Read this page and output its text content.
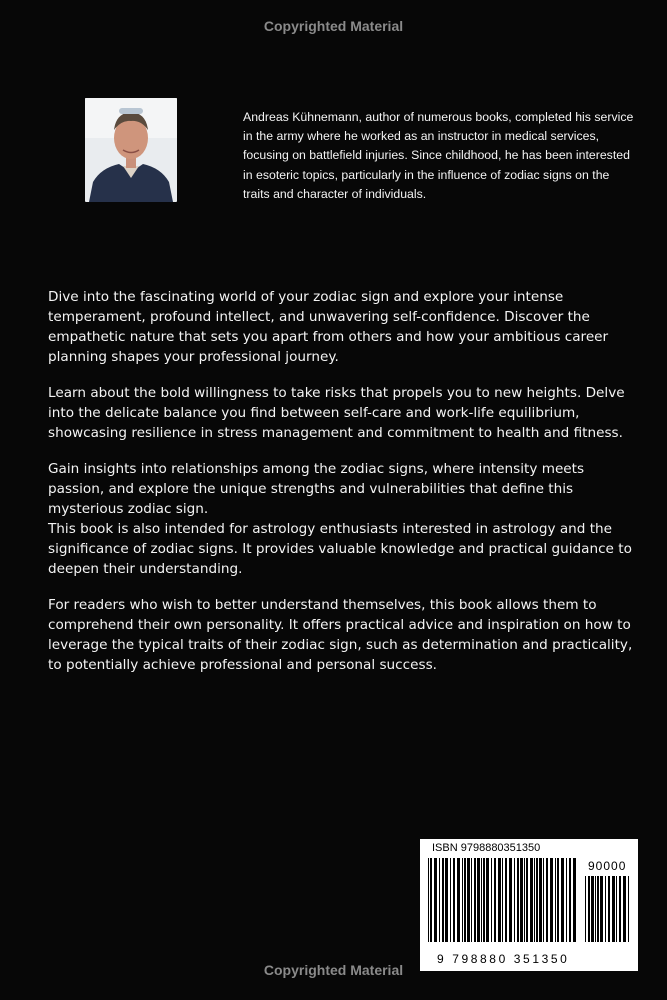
Copyrighted Material

Andreas Kühnemann, author of numerous books, completed his service in the army where he worked as an instructor in medical services, focusing on battlefield injuries. Since childhood, he has been interested in esoteric topics, particularly in the influence of zodiac signs on the traits and character of individuals.

Dive into the fascinating world of your zodiac sign and explore your intense temperament, profound intellect, and unwavering self-confidence. Discover the empathetic nature that sets you apart from others and how your ambitious career planning shapes your professional journey.

Learn about the bold willingness to take risks that propels you to new heights. Delve into the delicate balance you find between self-care and work-life equilibrium, showcasing resilience in stress management and commitment to health and fitness.

Gain insights into relationships among the zodiac signs, where intensity meets passion, and explore the unique strengths and vulnerabilities that define this mysterious zodiac sign.

This book is also intended for astrology enthusiasts interested in astrology and the significance of zodiac signs. It provides valuable knowledge and practical guidance to deepen their understanding.

For readers who wish to better understand themselves, this book allows them to comprehend their own personality. It offers practical advice and inspiration on how to leverage the typical traits of their zodiac sign, such as determination and practicality, to potentially achieve professional and personal success.

ISBN 9798880351350
90000
9 798880 351350
Copyrighted Material
